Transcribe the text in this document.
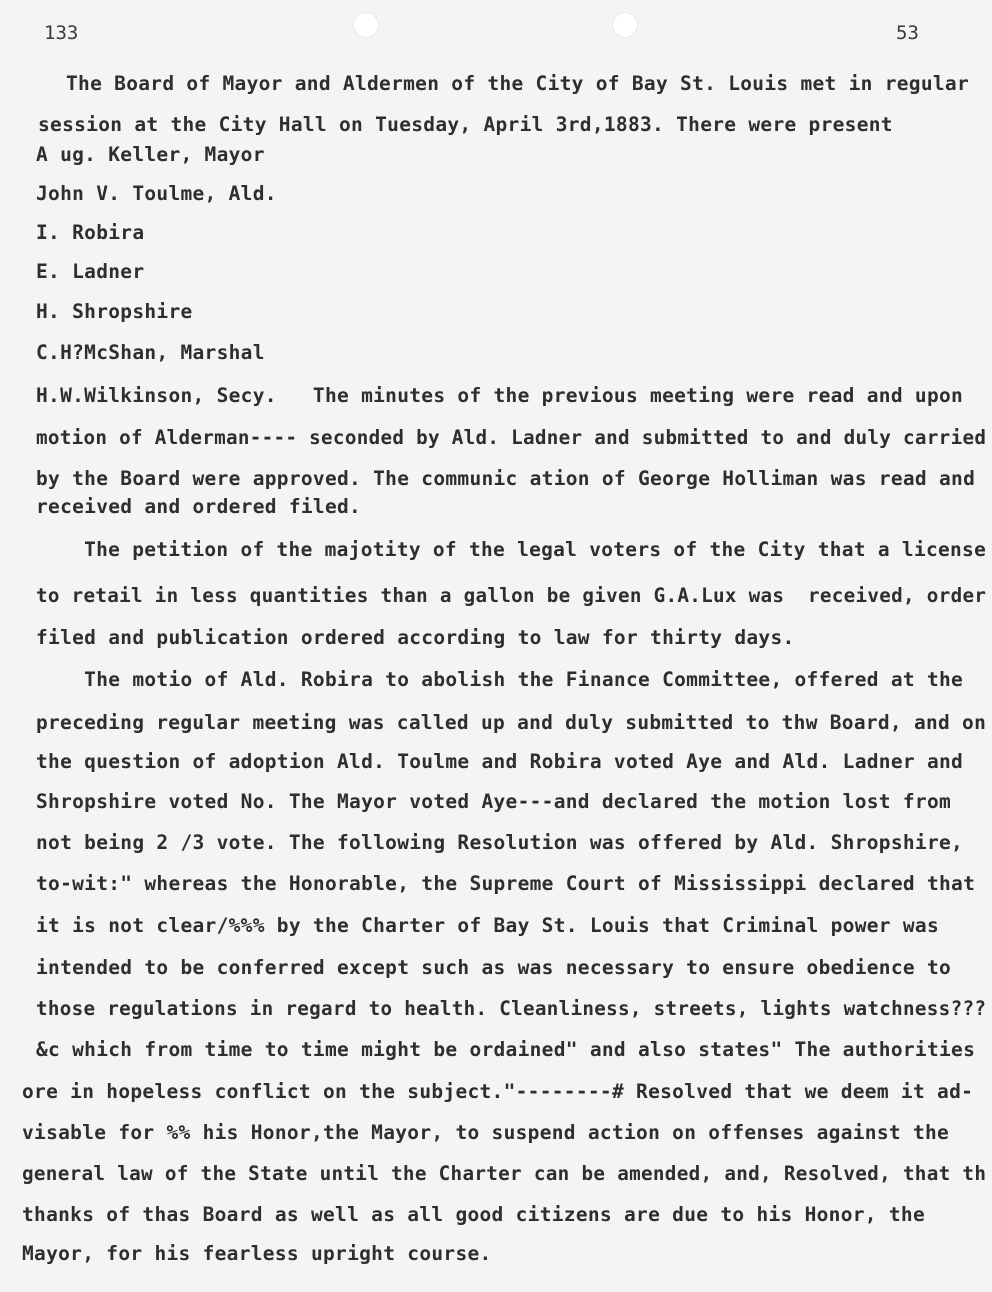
133	53
The Board of Mayor and Aldermen of the City of Bay St. Louis met in regular
session at the City Hall on Tuesday, April 3rd,1883. There were present
A ug. Keller, Mayor
John V. Toulme, Ald.
I. Robira
E. Ladner
H. Shropshire
C.H?McShan, Marshal
H.W.Wilkinson, Secy.   The minutes of the previous meeting were read and upon
motion of Alderman---- seconded by Ald. Ladner and submitted to and duly carried
by the Board were approved. The communic ation of George Holliman was read and
received and ordered filed.
The petition of the majotity of the legal voters of the City that a license
to retail in less quantities than a gallon be given G.A.Lux was  received, order
filed and publication ordered according to law for thirty days.
The motio of Ald. Robira to abolish the Finance Committee, offered at the
preceding regular meeting was called up and duly submitted to thw Board, and on
the question of adoption Ald. Toulme and Robira voted Aye and Ald. Ladner and
Shropshire voted No. The Mayor voted Aye---and declared the motion lost from
not being 2 /3 vote. The following Resolution was offered by Ald. Shropshire,
to-wit:" whereas the Honorable, the Supreme Court of Mississippi declared that
it is not clear/%%% by the Charter of Bay St. Louis that Criminal power was
intended to be conferred except such as was necessary to ensure obedience to
those regulations in regard to health. Cleanliness, streets, lights watchness???
&c which from time to time might be ordained" and also states" The authorities
ore in hopeless conflict on the subject."--------# Resolved that we deem it ad-
visable for %% his Honor,the Mayor, to suspend action on offenses against the
general law of the State until the Charter can be amended, and, Resolved, that th
thanks of thas Board as well as all good citizens are due to his Honor, the
Mayor, for his fearless upright course.
